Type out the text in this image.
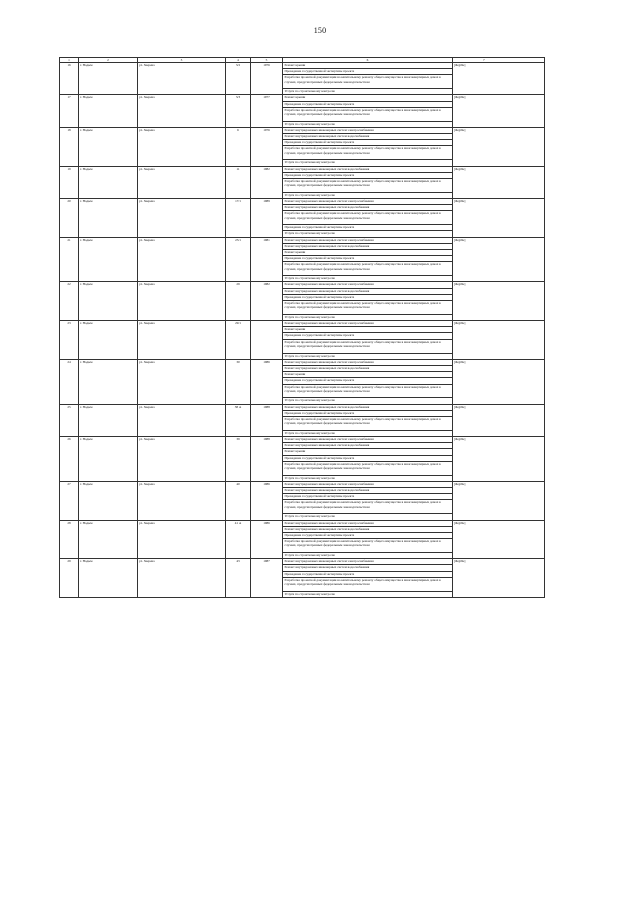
150
1	2	3	4	5	6	7
16	г. Надым	ул. Зверева	3/2	1976	Ремонт крыши	[illegible]
					Проведение государственной экспертизы проекта	
					Разработка проектной документации на капитальному ремонту общего имущества в многоквартирных домах в случаях, предусмотренных федеральным законодательством	
					Услуги по строительному контролю	
17	г. Надым	ул. Зверева	3/3	1977	Ремонт крыши	[illegible]
					Проведение государственной экспертизы проекта	
					Разработка проектной документации на капитальному ремонту общего имущества в многоквартирных домах в случаях, предусмотренных федеральным законодательством	
					Услуги по строительному контролю	
18	г. Надым	ул. Зверева	6	1976	Ремонт внутридомовых инженерных систем электроснабжения	[illegible]
					Ремонт внутридомовых инженерных систем водоснабжения	
					Проведение государственной экспертизы проекта	
					Разработка проектной документации на капитальному ремонту общего имущества в многоквартирных домах в случаях, предусмотренных федеральным законодательством	
					Услуги по строительному контролю	
19	г. Надым	ул. Зверева	11	1982	Ремонт внутридомовых инженерных систем водоснабжения	[illegible]
					Проведение государственной экспертизы проекта	
					Разработка проектной документации на капитальному ремонту общего имущества в многоквартирных домах в случаях, предусмотренных федеральным законодательством	
					Услуги по строительному контролю	
20	г. Надым	ул. Зверева	17/1	1989	Ремонт внутридомовых инженерных систем электроснабжения	[illegible]
					Ремонт внутридомовых инженерных систем водоснабжения	
					Разработка проектной документации на капитальному ремонту общего имущества в многоквартирных домах в случаях, предусмотренных федеральным законодательством	
					Проведение государственной экспертизы проекта	
					Услуги по строительному контролю	
21	г. Надым	ул. Зверева	23/1	1981	Ремонт внутридомовых инженерных систем электроснабжения	[illegible]
					Ремонт внутридомовых инженерных систем водоснабжения	
					Ремонт крыши	
					Проведение государственной экспертизы проекта	
					Разработка проектной документации на капитальному ремонту общего имущества в многоквартирных домах в случаях, предусмотренных федеральным законодательством	
					Услуги по строительному контролю	
22	г. Надым	ул. Зверева	29	1982	Ремонт внутридомовых инженерных систем электроснабжения	[illegible]
					Ремонт внутридомовых инженерных систем водоснабжения	
					Проведение государственной экспертизы проекта	
					Разработка проектной документации на капитальному ремонту общего имущества в многоквартирных домах в случаях, предусмотренных федеральным законодательством	
					Услуги по строительному контролю	
23	г. Надым	ул. Зверева	29/1		Ремонт внутридомовых инженерных систем электроснабжения	[illegible]
					Ремонт крыши	
					Проведение государственной экспертизы проекта	
					Разработка проектной документации на капитальному ремонту общего имущества в многоквартирных домах в случаях, предусмотренных федеральным законодательством	
					Услуги по строительному контролю	
24	г. Надым	ул. Зверева	30	1986	Ремонт внутридомовых инженерных систем электроснабжения	[illegible]
					Ремонт внутридомовых инженерных систем водоснабжения	
					Ремонт крыши	
					Проведение государственной экспертизы проекта	
					Разработка проектной документации на капитальному ремонту общего имущества в многоквартирных домах в случаях, предусмотренных федеральным законодательством	
					Услуги по строительному контролю	
25	г. Надым	ул. Зверева	38 А	1988	Ремонт внутридомовых инженерных систем водоснабжения	[illegible]
					Проведение государственной экспертизы проекта	
					Разработка проектной документации на капитальному ремонту общего имущества в многоквартирных домах в случаях, предусмотренных федеральным законодательством	
					Услуги по строительному контролю	
26	г. Надым	ул. Зверева	39	1988	Ремонт внутридомовых инженерных систем электроснабжения	[illegible]
					Ремонт внутридомовых инженерных систем водоснабжения	
					Ремонт крыши	
					Проведение государственной экспертизы проекта	
					Разработка проектной документации на капитальному ремонту общего имущества в многоквартирных домах в случаях, предусмотренных федеральным законодательством	
					Услуги по строительному контролю	
27	г. Надым	ул. Зверева	40	1986	Ремонт внутридомовых инженерных систем электроснабжения	[illegible]
					Ремонт внутридомовых инженерных систем водоснабжения	
					Проведение государственной экспертизы проекта	
					Разработка проектной документации на капитальному ремонту общего имущества в многоквартирных домах в случаях, предусмотренных федеральным законодательством	
					Услуги по строительному контролю	
28	г. Надым	ул. Зверева	41 А	1986	Ремонт внутридомовых инженерных систем электроснабжения	[illegible]
					Ремонт внутридомовых инженерных систем водоснабжения	
					Проведение государственной экспертизы проекта	
					Разработка проектной документации на капитальному ремонту общего имущества в многоквартирных домах в случаях, предусмотренных федеральным законодательством	
					Услуги по строительному контролю	
29	г. Надым	ул. Зверева	43	1987	Ремонт внутридомовых инженерных систем электроснабжения	[illegible]
					Ремонт внутридомовых инженерных систем водоснабжения	
					Проведение государственной экспертизы проекта	
					Разработка проектной документации на капитальному ремонту общего имущества в многоквартирных домах в случаях, предусмотренных федеральным законодательством	
					Услуги по строительному контролю	
